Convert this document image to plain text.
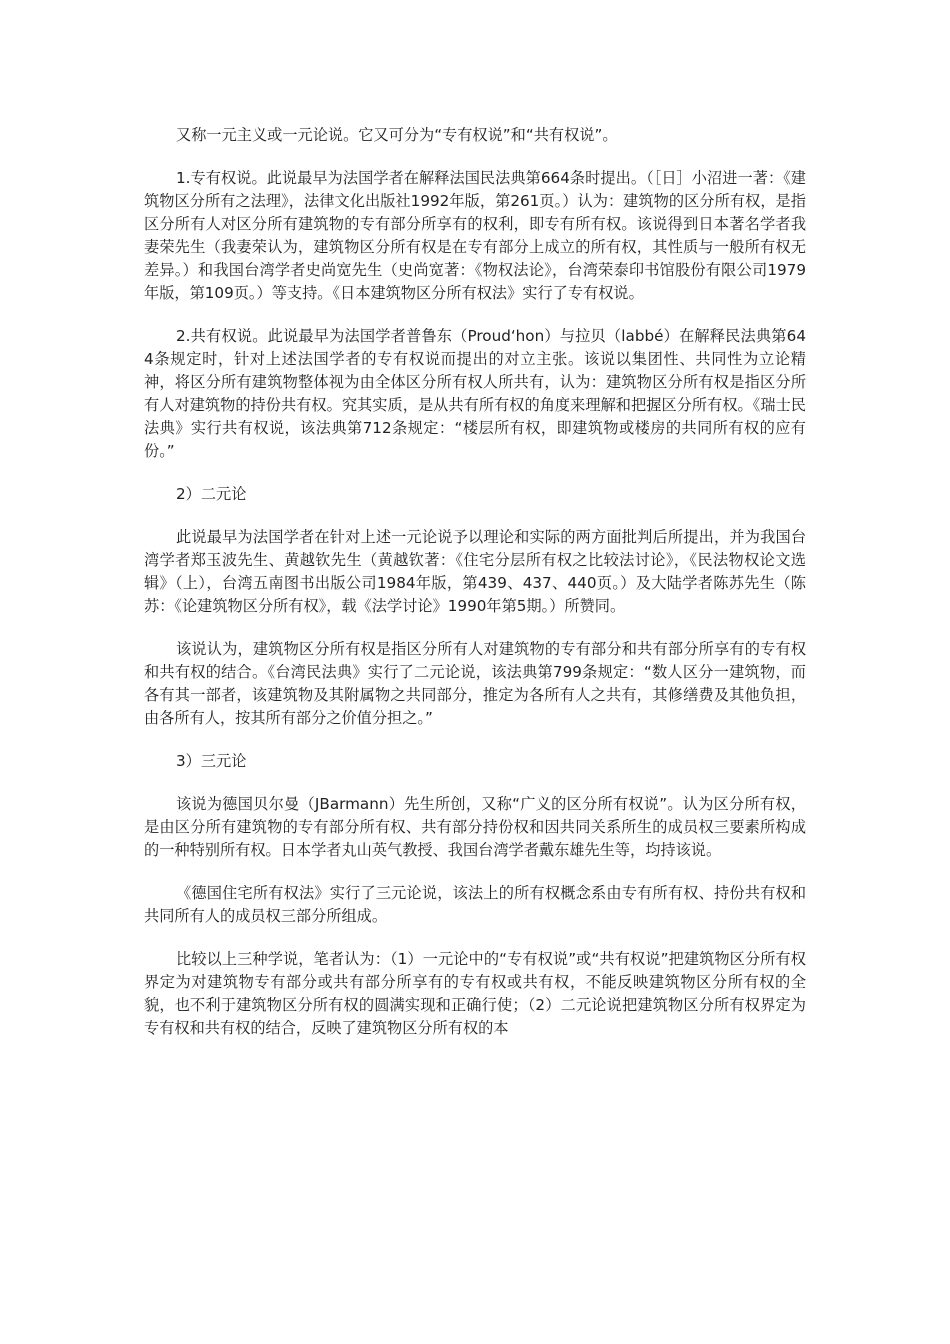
又称一元主义或一元论说。它又可分为“专有权说”和“共有权说”。

1.专有权说。此说最早为法国学者在解释法国民法典第664条时提出。（［日］小沼进一著：《建筑物区分所有之法理》，法律文化出版社1992年版，第261页。）认为：建筑物的区分所有权，是指区分所有人对区分所有建筑物的专有部分所享有的权利，即专有所有权。该说得到日本著名学者我妻荣先生（我妻荣认为，建筑物区分所有权是在专有部分上成立的所有权，其性质与一般所有权无差异。）和我国台湾学者史尚宽先生（史尚宽著：《物权法论》，台湾荣泰印书馆股份有限公司1979年版，第109页。）等支持。《日本建筑物区分所有权法》实行了专有权说。

2.共有权说。此说最早为法国学者普鲁东（Proud‘hon）与拉贝（labbé）在解释民法典第644条规定时，针对上述法国学者的专有权说而提出的对立主张。该说以集团性、共同性为立论精神，将区分所有建筑物整体视为由全体区分所有权人所共有，认为：建筑物区分所有权是指区分所有人对建筑物的持份共有权。究其实质，是从共有所有权的角度来理解和把握区分所有权。《瑞士民法典》实行共有权说，该法典第712条规定：“楼层所有权，即建筑物或楼房的共同所有权的应有份。”

2）二元论

此说最早为法国学者在针对上述一元论说予以理论和实际的两方面批判后所提出，并为我国台湾学者郑玉波先生、黄越钦先生（黄越钦著：《住宅分层所有权之比较法讨论》，《民法物权论文选辑》（上），台湾五南图书出版公司1984年版，第439、437、440页。）及大陆学者陈苏先生（陈苏：《论建筑物区分所有权》，载《法学讨论》1990年第5期。）所赞同。

该说认为，建筑物区分所有权是指区分所有人对建筑物的专有部分和共有部分所享有的专有权和共有权的结合。《台湾民法典》实行了二元论说，该法典第799条规定：“数人区分一建筑物，而各有其一部者，该建筑物及其附属物之共同部分，推定为各所有人之共有，其修缮费及其他负担，由各所有人，按其所有部分之价值分担之。”

3）三元论

该说为德国贝尔曼（JBarmann）先生所创，又称“广义的区分所有权说”。认为区分所有权，是由区分所有建筑物的专有部分所有权、共有部分持份权和因共同关系所生的成员权三要素所构成的一种特别所有权。日本学者丸山英气教授、我国台湾学者戴东雄先生等，均持该说。

《德国住宅所有权法》实行了三元论说，该法上的所有权概念系由专有所有权、持份共有权和共同所有人的成员权三部分所组成。

比较以上三种学说，笔者认为：（1）一元论中的“专有权说”或“共有权说”把建筑物区分所有权界定为对建筑物专有部分或共有部分所享有的专有权或共有权，不能反映建筑物区分所有权的全貌，也不利于建筑物区分所有权的圆满实现和正确行使；（2）二元论说把建筑物区分所有权界定为专有权和共有权的结合，反映了建筑物区分所有权的本
